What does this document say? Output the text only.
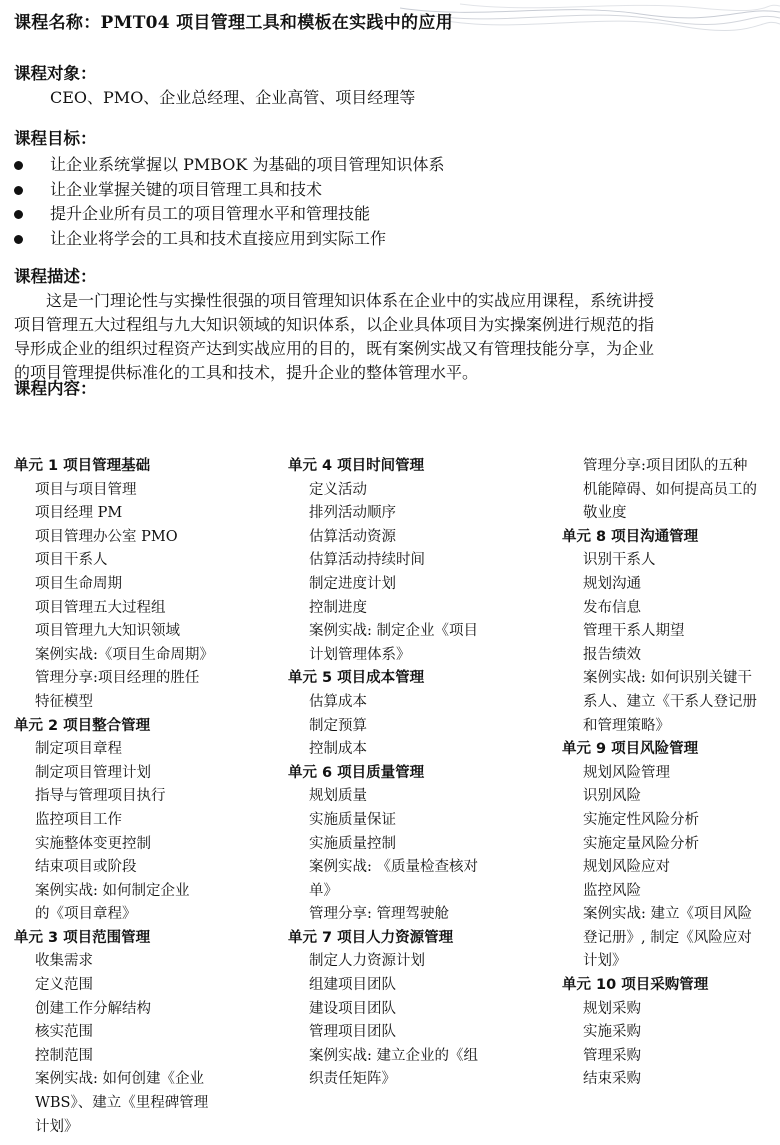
课程名称：PMT04 项目管理工具和模板在实践中的应用
课程对象：
CEO、PMO、企业总经理、企业高管、项目经理等
课程目标：
让企业系统掌握以 PMBOK 为基础的项目管理知识体系
让企业掌握关键的项目管理工具和技术
提升企业所有员工的项目管理水平和管理技能
让企业将学会的工具和技术直接应用到实际工作
课程描述：
这是一门理论性与实操性很强的项目管理知识体系在企业中的实战应用课程，系统讲授
项目管理五大过程组与九大知识领域的知识体系，以企业具体项目为实操案例进行规范的指
导形成企业的组织过程资产达到实战应用的目的，既有案例实战又有管理技能分享，为企业
的项目管理提供标准化的工具和技术，提升企业的整体管理水平。
课程内容：
单元 1 项目管理基础
项目与项目管理
项目经理 PM
项目管理办公室 PMO
项目干系人
项目生命周期
项目管理五大过程组
项目管理九大知识领域
案例实战:《项目生命周期》
管理分享:项目经理的胜任
特征模型
单元 2 项目整合管理
制定项目章程
制定项目管理计划
指导与管理项目执行
监控项目工作
实施整体变更控制
结束项目或阶段
案例实战: 如何制定企业
的《项目章程》
单元 3 项目范围管理
收集需求
定义范围
创建工作分解结构
核实范围
控制范围
案例实战: 如何创建《企业
WBS》、建立《里程碑管理
计划》
单元 4 项目时间管理
定义活动
排列活动顺序
估算活动资源
估算活动持续时间
制定进度计划
控制进度
案例实战: 制定企业《项目
计划管理体系》
单元 5 项目成本管理
估算成本
制定预算
控制成本
单元 6 项目质量管理
规划质量
实施质量保证
实施质量控制
案例实战: 《质量检查核对
单》
管理分享: 管理驾驶舱
单元 7 项目人力资源管理
制定人力资源计划
组建项目团队
建设项目团队
管理项目团队
案例实战: 建立企业的《组
织责任矩阵》
管理分享:项目团队的五种
机能障碍、如何提高员工的
敬业度
单元 8 项目沟通管理
识别干系人
规划沟通
发布信息
管理干系人期望
报告绩效
案例实战: 如何识别关键干
系人、建立《干系人登记册
和管理策略》
单元 9 项目风险管理
规划风险管理
识别风险
实施定性风险分析
实施定量风险分析
规划风险应对
监控风险
案例实战: 建立《项目风险
登记册》, 制定《风险应对
计划》
单元 10 项目采购管理
规划采购
实施采购
管理采购
结束采购
